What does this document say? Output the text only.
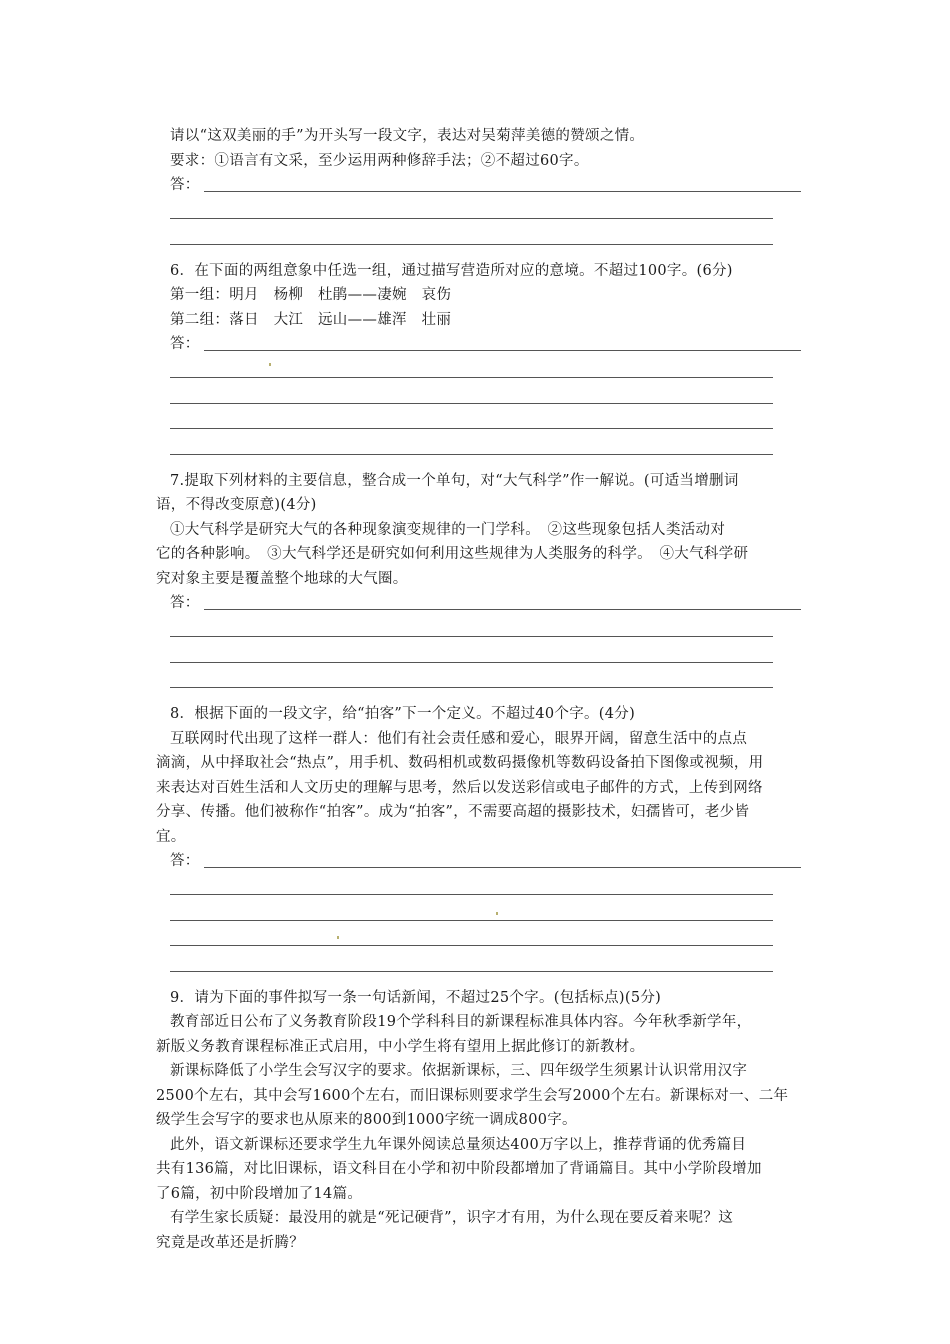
请以“这双美丽的手”为开头写一段文字，表达对吴菊萍美德的赞颂之情。
要求：①语言有文采，至少运用两种修辞手法；②不超过60字。
答：
6．在下面的两组意象中任选一组，通过描写营造所对应的意境。不超过100字。(6分)
第一组：明月　杨柳　杜鹃——凄婉　哀伤
第二组：落日　大江　远山——雄浑　壮丽
答：
7.提取下列材料的主要信息，整合成一个单句，对“大气科学”作一解说。(可适当增删词
语，不得改变原意)(4分)
①大气科学是研究大气的各种现象演变规律的一门学科。　②这些现象包括人类活动对
它的各种影响。　③大气科学还是研究如何利用这些规律为人类服务的科学。　④大气科学研
究对象主要是覆盖整个地球的大气圈。
答：
8．根据下面的一段文字，给“拍客”下一个定义。不超过40个字。(4分)
互联网时代出现了这样一群人：他们有社会责任感和爱心，眼界开阔，留意生活中的点点
滴滴，从中择取社会“热点”，用手机、数码相机或数码摄像机等数码设备拍下图像或视频，用
来表达对百姓生活和人文历史的理解与思考，然后以发送彩信或电子邮件的方式，上传到网络
分享、传播。他们被称作“拍客”。成为“拍客”，不需要高超的摄影技术，妇孺皆可，老少皆
宜。
答：
9．请为下面的事件拟写一条一句话新闻，不超过25个字。(包括标点)(5分)
教育部近日公布了义务教育阶段19个学科科目的新课程标准具体内容。今年秋季新学年，
新版义务教育课程标准正式启用，中小学生将有望用上据此修订的新教材。
新课标降低了小学生会写汉字的要求。依据新课标，三、四年级学生须累计认识常用汉字
2500个左右，其中会写1600个左右，而旧课标则要求学生会写2000个左右。新课标对一、二年
级学生会写字的要求也从原来的800到1000字统一调成800字。
此外，语文新课标还要求学生九年课外阅读总量须达400万字以上，推荐背诵的优秀篇目
共有136篇，对比旧课标，语文科目在小学和初中阶段都增加了背诵篇目。其中小学阶段增加
了6篇，初中阶段增加了14篇。
有学生家长质疑：最没用的就是“死记硬背”，识字才有用，为什么现在要反着来呢？这
究竟是改革还是折腾？
